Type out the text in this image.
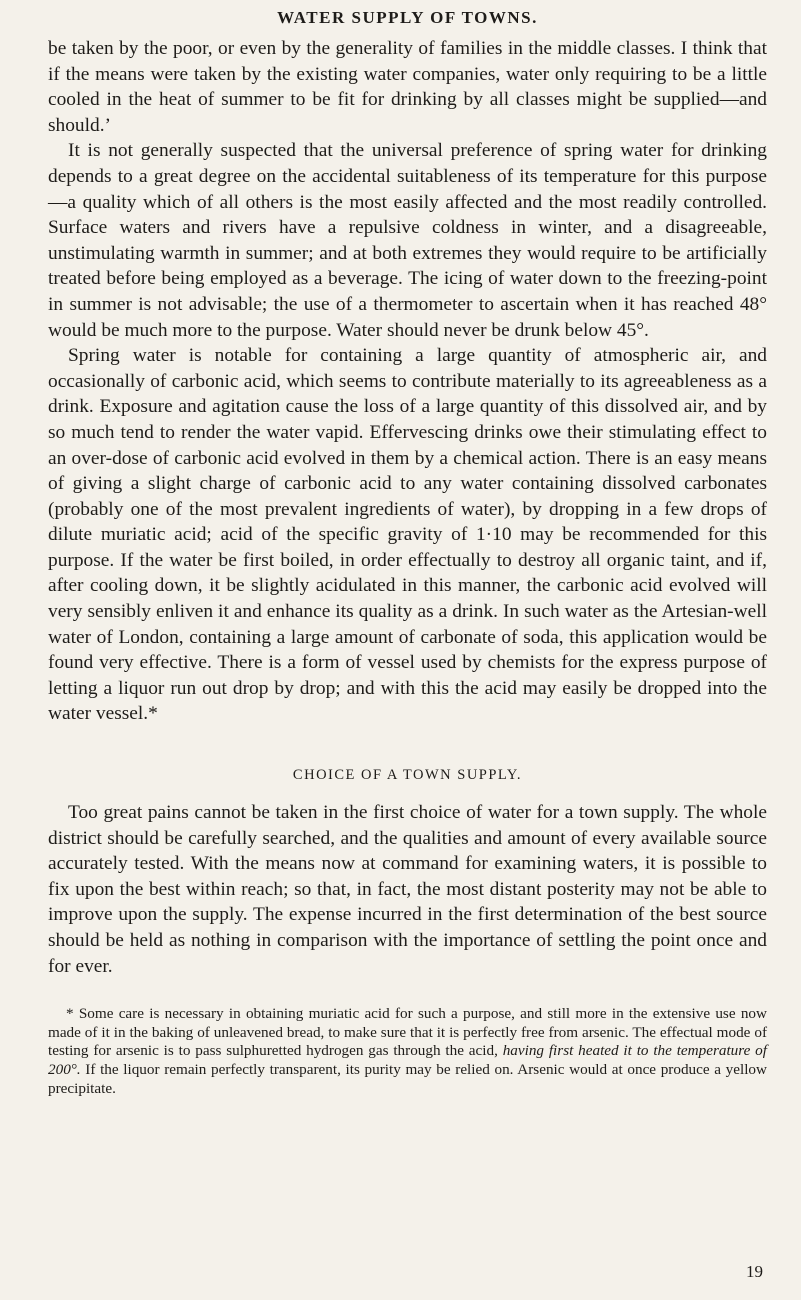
WATER SUPPLY OF TOWNS.

be taken by the poor, or even by the generality of families in the middle classes. I think that if the means were taken by the existing water companies, water only requiring to be a little cooled in the heat of summer to be fit for drinking by all classes might be supplied—and should.’

It is not generally suspected that the universal preference of spring water for drinking depends to a great degree on the accidental suitableness of its temperature for this purpose—a quality which of all others is the most easily affected and the most readily controlled. Surface waters and rivers have a repulsive coldness in winter, and a disagreeable, unstimulating warmth in summer; and at both extremes they would require to be artificially treated before being employed as a beverage. The icing of water down to the freezing-point in summer is not advisable; the use of a thermometer to ascertain when it has reached 48° would be much more to the purpose. Water should never be drunk below 45°.

Spring water is notable for containing a large quantity of atmospheric air, and occasionally of carbonic acid, which seems to contribute materially to its agreeableness as a drink. Exposure and agitation cause the loss of a large quantity of this dissolved air, and by so much tend to render the water vapid. Effervescing drinks owe their stimulating effect to an over-dose of carbonic acid evolved in them by a chemical action. There is an easy means of giving a slight charge of carbonic acid to any water containing dissolved carbonates (probably one of the most prevalent ingredients of water), by dropping in a few drops of dilute muriatic acid; acid of the specific gravity of 1·10 may be recommended for this purpose. If the water be first boiled, in order effectually to destroy all organic taint, and if, after cooling down, it be slightly acidulated in this manner, the carbonic acid evolved will very sensibly enliven it and enhance its quality as a drink. In such water as the Artesian-well water of London, containing a large amount of carbonate of soda, this application would be found very effective. There is a form of vessel used by chemists for the express purpose of letting a liquor run out drop by drop; and with this the acid may easily be dropped into the water vessel.*

CHOICE OF A TOWN SUPPLY.

Too great pains cannot be taken in the first choice of water for a town supply. The whole district should be carefully searched, and the qualities and amount of every available source accurately tested. With the means now at command for examining waters, it is possible to fix upon the best within reach; so that, in fact, the most distant posterity may not be able to improve upon the supply. The expense incurred in the first determination of the best source should be held as nothing in comparison with the importance of settling the point once and for ever.

* Some care is necessary in obtaining muriatic acid for such a purpose, and still more in the extensive use now made of it in the baking of unleavened bread, to make sure that it is perfectly free from arsenic. The effectual mode of testing for arsenic is to pass sulphuretted hydrogen gas through the acid, having first heated it to the temperature of 200°. If the liquor remain perfectly transparent, its purity may be relied on. Arsenic would at once produce a yellow precipitate.

19
